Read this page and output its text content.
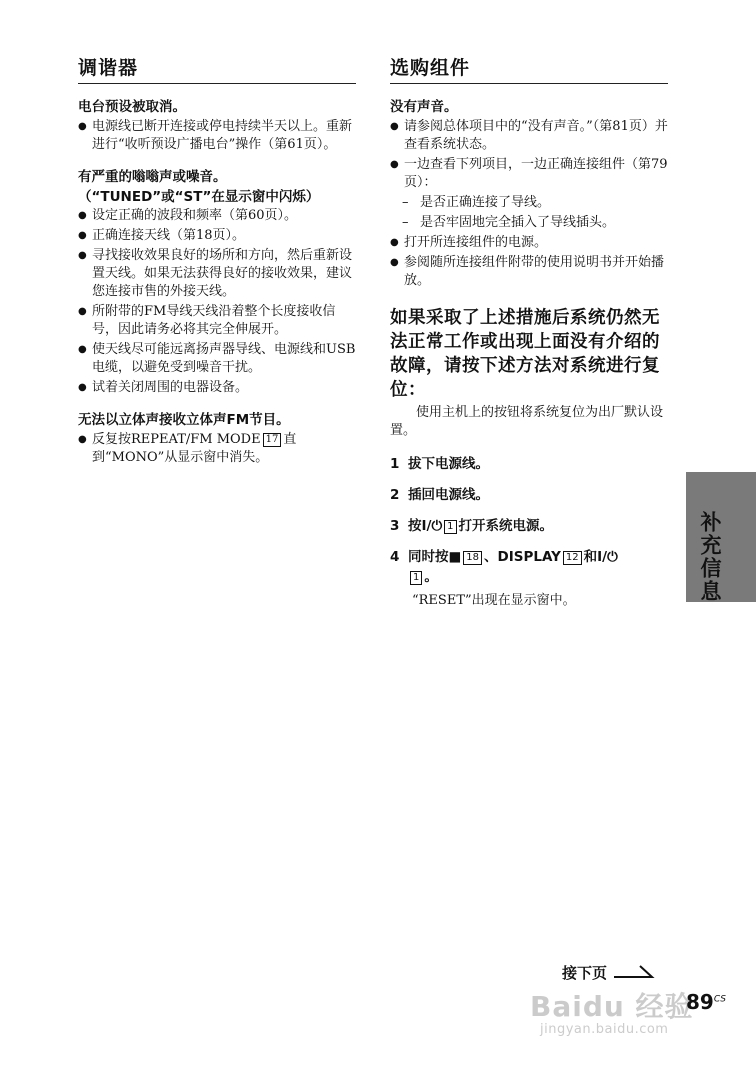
调谐器
电台预设被取消。
● 电源线已断开连接或停电持续半天以上。重新进行“收听预设广播电台”操作（第61页）。
有严重的嗡嗡声或噪音。
（“TUNED”或“ST”在显示窗中闪烁）
● 设定正确的波段和频率（第60页）。
● 正确连接天线（第18页）。
● 寻找接收效果良好的场所和方向，然后重新设置天线。如果无法获得良好的接收效果，建议您连接市售的外接天线。
● 所附带的FM导线天线沿着整个长度接收信号，因此请务必将其完全伸展开。
● 使天线尽可能远离扬声器导线、电源线和USB电缆，以避免受到噪音干扰。
● 试着关闭周围的电器设备。
无法以立体声接收立体声FM节目。
● 反复按REPEAT/FM MODE 17 直到“MONO”从显示窗中消失。
选购组件
没有声音。
● 请参阅总体项目中的“没有声音。”（第81页）并查看系统状态。
● 一边查看下列项目，一边正确连接组件（第79页）：
– 是否正确连接了导线。
– 是否牢固地完全插入了导线插头。
● 打开所连接组件的电源。
● 参阅随所连接组件附带的使用说明书并开始播放。
如果采取了上述措施后系统仍然无法正常工作或出现上面没有介绍的故障，请按下述方法对系统进行复位：
使用主机上的按钮将系统复位为出厂默认设置。
1 拔下电源线。
2 插回电源线。
3 按I/⏻ 1 打开系统电源。
4 同时按■ 18 、DISPLAY 12 和I/⏻
1 。
“RESET”出现在显示窗中。	补充信息
接下页
Baidu 经验
jingyan.baidu.com
$89^{CS}$
